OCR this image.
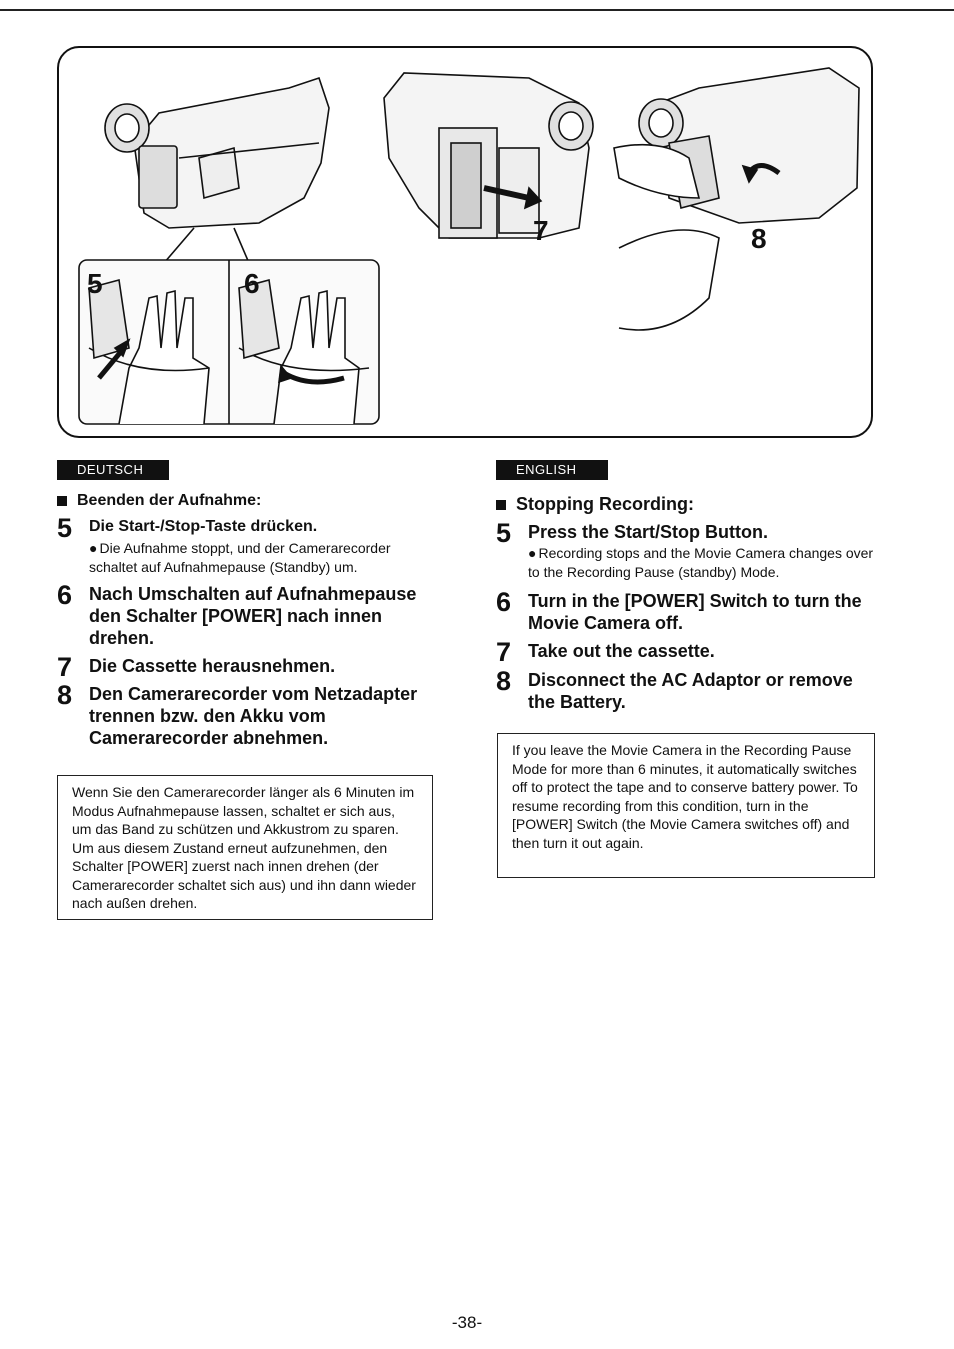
5	6
7	8
DEUTSCH	ENGLISH
Beenden der Aufnahme:
5	Die Start-/Stop-Taste drücken.
● Die Aufnahme stoppt, und der Camerarecorder schaltet auf Aufnahmepause (Standby) um.
6 Nach Umschalten auf Aufnahmepause den Schalter [POWER] nach innen drehen.
7 Die Cassette herausnehmen.
8 Den Camerarecorder vom Netzadapter trennen bzw. den Akku vom Camerarecorder abnehmen.
Wenn Sie den Camerarecorder länger als 6 Minuten im Modus Aufnahmepause lassen, schaltet er sich aus, um das Band zu schützen und Akkustrom zu sparen. Um aus diesem Zustand erneut aufzunehmen, den Schalter [POWER] zuerst nach innen drehen (der Camerarecorder schaltet sich aus) und ihn dann wieder nach außen drehen.
Stopping Recording:
5 Press the Start/Stop Button.
● Recording stops and the Movie Camera changes over to the Recording Pause (standby) Mode.
6 Turn in the [POWER] Switch to turn the Movie Camera off.
7 Take out the cassette.
8 Disconnect the AC Adaptor or remove the Battery.
If you leave the Movie Camera in the Recording Pause Mode for more than 6 minutes, it automatically switches off to protect the tape and to conserve battery power. To resume recording from this condition, turn in the [POWER] Switch (the Movie Camera switches off) and then turn it out again.
-38-
